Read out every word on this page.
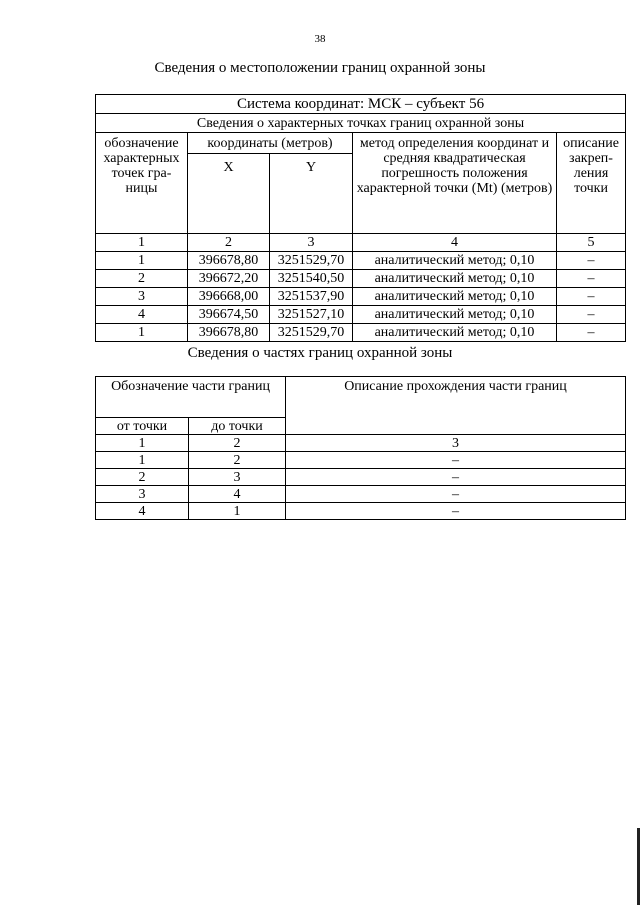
38
Сведения о местоположении границ охранной зоны
Система координат: МСК – субъект 56				
Сведения о характерных точках границ охранной зоны				
обозначение характерных точек гра-ницы	координаты (метров)		метод определения координат и средняя квадратическая погрешность положения характерной точки (Mt) (метров)	описание закреп-ления точки
	X	Y		
1	2	3	4	5
1	396678,80	3251529,70	аналитический метод; 0,10	–
2	396672,20	3251540,50	аналитический метод; 0,10	–
3	396668,00	3251537,90	аналитический метод; 0,10	–
4	396674,50	3251527,10	аналитический метод; 0,10	–
1	396678,80	3251529,70	аналитический метод; 0,10	–
Сведения о частях границ охранной зоны
Обозначение части границ		Описание прохождения части границ
от точки	до точки	
1	2	3
1	2	–
2	3	–
3	4	–
4	1	–
